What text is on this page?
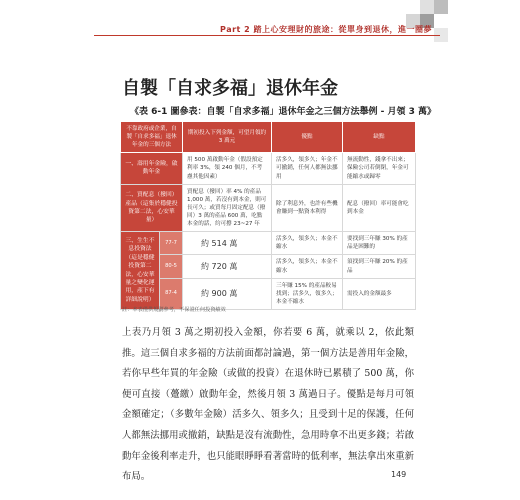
Part 2 踏上心安理財的旅途：從單身到退休，進一圈夢
自製「自求多福」退休年金
《表 6-1 圖參表：自製「自求多福」退休年金之三個方法舉例 - 月領 3 萬》
不靠政府或企業，自製「自求多福」退休年金的三個方法		期初投入下列金額，可望月領約 3 萬元	優點	缺點
一、壽用年金險，啟動年金		用 500 萬啟動年金（假設預定利率 3%，領 240 個月，不考慮其他因素）	活多久，領多久；年金不可撤銷，任何人都無法挪用	無流動性，錢拿不出來；保險公司若倒閉，年金可能縮水或歸零
二、買配息（撥回）產品（這集於穩健投資第二法，心安華量）		買配息（撥回）率 4% 的產品 1,000 萬，若沒有到本金，則可長可久；或買每月固定配息（撥回）3 萬的產品 600 萬，吃點本金的話，約可撐 23~27 年	除了利息外，也許有些機會賺到一點資本利得	配息（撥回）率可能會吃到本金
三、生生不息投資法（這是穩健投資第二法，心安華量之變化運用，產下有詳細說明）	77-7	約 514 萬	活多久，領多久；本金不縮水	要找到三年賺 30% 的產品是困難的
	80-5	約 720 萬	活多久，領多久；本金不縮水	須找到三年賺 20% 的產品
	87-4	約 900 萬	三年賺 15% 的產品較易找到；活多久，領多久；本金不縮水	需投入的金額最多
註：本表僅供規劃參考，不保證任何投資績效
上表乃月領 3 萬之期初投入金額，你若要 6 萬，就乘以 2，依此類推。這三個自求多福的方法前面都討論過，第一個方法是善用年金險，若你早些年買的年金險（或做的投資）在退休時已累積了 500 萬，你便可直接（躉繳）啟動年金，然後月領 3 萬過日子。優點是每月可領金額確定；（多數年金險）活多久、領多久；且受到十足的保護，任何人都無法挪用或撤銷，缺點是沒有流動性，急用時拿不出更多錢；若啟動年金後利率走升，也只能眼睜睜看著當時的低利率，無法拿出來重新布局。	149
